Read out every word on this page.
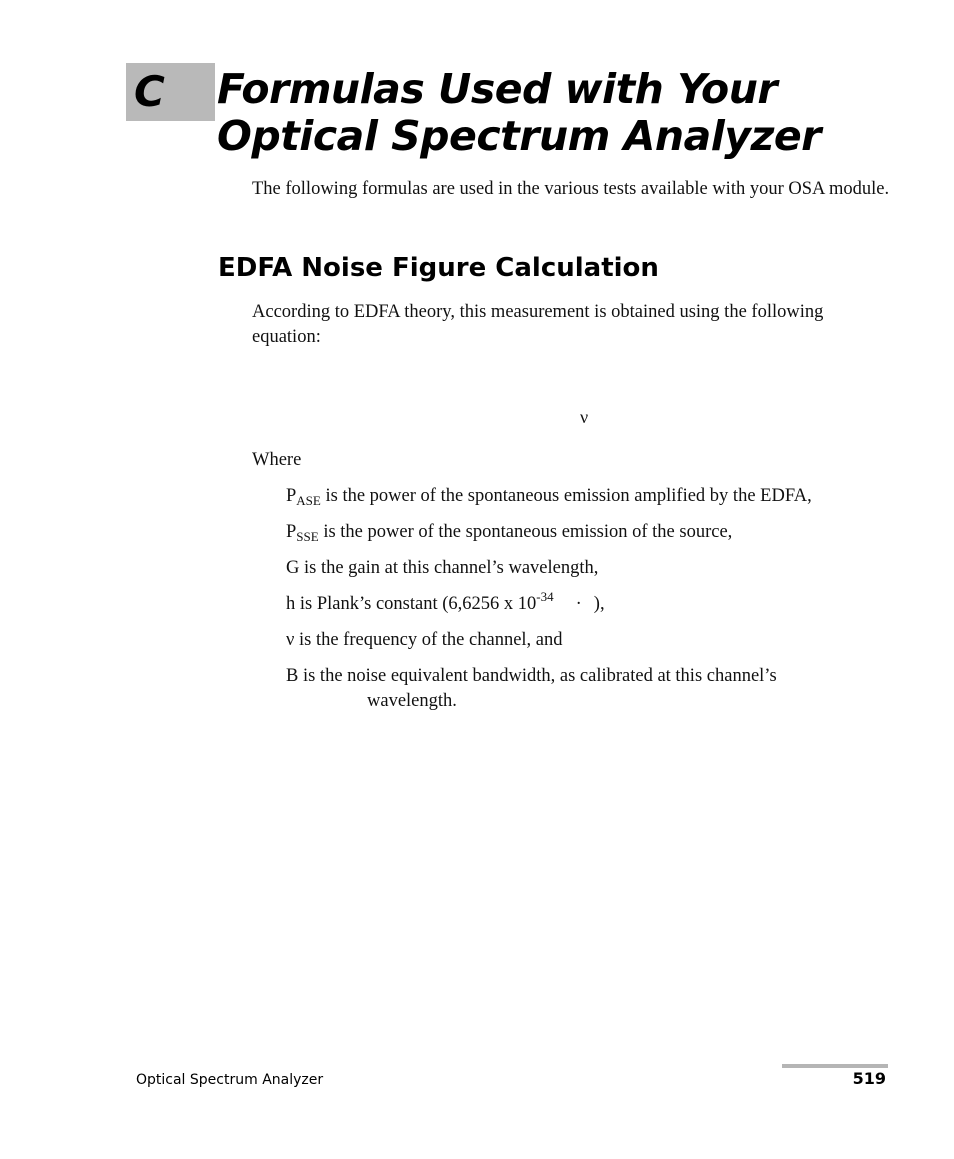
C Formulas Used with Your
Optical Spectrum Analyzer

The following formulas are used in the various tests available with your OSA module.

EDFA Noise Figure Calculation

According to EDFA theory, this measurement is obtained using the following equation:

ν

Where

$P_{ASE}$ is the power of the spontaneous emission amplified by the EDFA,
$P_{SSE}$ is the power of the spontaneous emission of the source,
G is the gain at this channel’s wavelength,
h is Plank’s constant (6,6256 x $10^{-34}$ · ),
ν is the frequency of the channel, and
B is the noise equivalent bandwidth, as calibrated at this channel’s
wavelength.
Optical Spectrum Analyzer	519
